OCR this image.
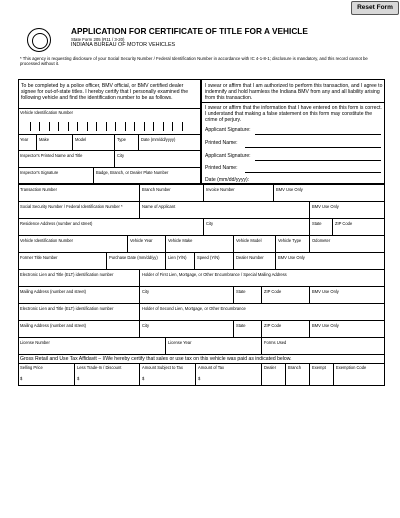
Reset Form
APPLICATION FOR CERTIFICATE OF TITLE FOR A VEHICLE
State Form 205 (R11 / 3-20)
INDIANA BUREAU OF MOTOR VEHICLES
* This agency is requesting disclosure of your Social Security Number / Federal Identification Number in accordance with IC 4-1-8-1; disclosure is mandatory, and this record cannot be processed without it.
To be completed by a police officer, BMV official, or BMV certified dealer signee for out-of-state titles. I hereby certify that I personally examined the following vehicle and find the identification number to be as follows.
Vehicle Identification Number
Year	Make	Model	Type	Date (mm/dd/yyyy)
Inspector's Printed Name and Title	City
Inspector's Signature	Badge, Branch, or Dealer Plate Number
I swear or affirm that I am authorized to perform this transaction, and I agree to indemnify and hold harmless the Indiana BMV from any and all liability arising from this transaction.
I swear or affirm that the information that I have entered on this form is correct. I understand that making a false statement on this form may constitute the crime of perjury.
Applicant Signature:
Printed Name:
Applicant Signature:
Printed Name:
Date (mm/dd/yyyy):
Transaction Number	Branch Number	Invoice Number	BMV Use Only
Social Security Number / Federal Identification Number *	Name of Applicant	BMV Use Only
Residence Address (number and street)	City	State	ZIP Code
Vehicle Identification Number	Vehicle Year	Vehicle Make	Vehicle Model	Vehicle Type	Odometer
Former Title Number	Purchase Date (mm/dd/yy)	Lien (Y/N)	Speed (Y/N)	Dealer Number	BMV Use Only
Electronic Lien and Title (ELT) identification number	Holder of First Lien, Mortgage, or Other Encumbrance / Special Mailing Address
Mailing Address (number and street)	City	State	ZIP Code	BMV Use Only
Electronic Lien and Title (ELT) identification number	Holder of Second Lien, Mortgage, or Other Encumbrance
Mailing Address (number and street)	City	State	ZIP Code	BMV Use Only
License Number	License Year	Forms Used
Gross Retail and Use Tax Affidavit – I/We hereby certify that sales or use tax on this vehicle was paid as indicated below.
Selling Price	Less Trade-In / Discount	Amount Subject to Tax	Amount of Tax	Dealer	Branch	Exempt Exemption Code
$	$	$	$
